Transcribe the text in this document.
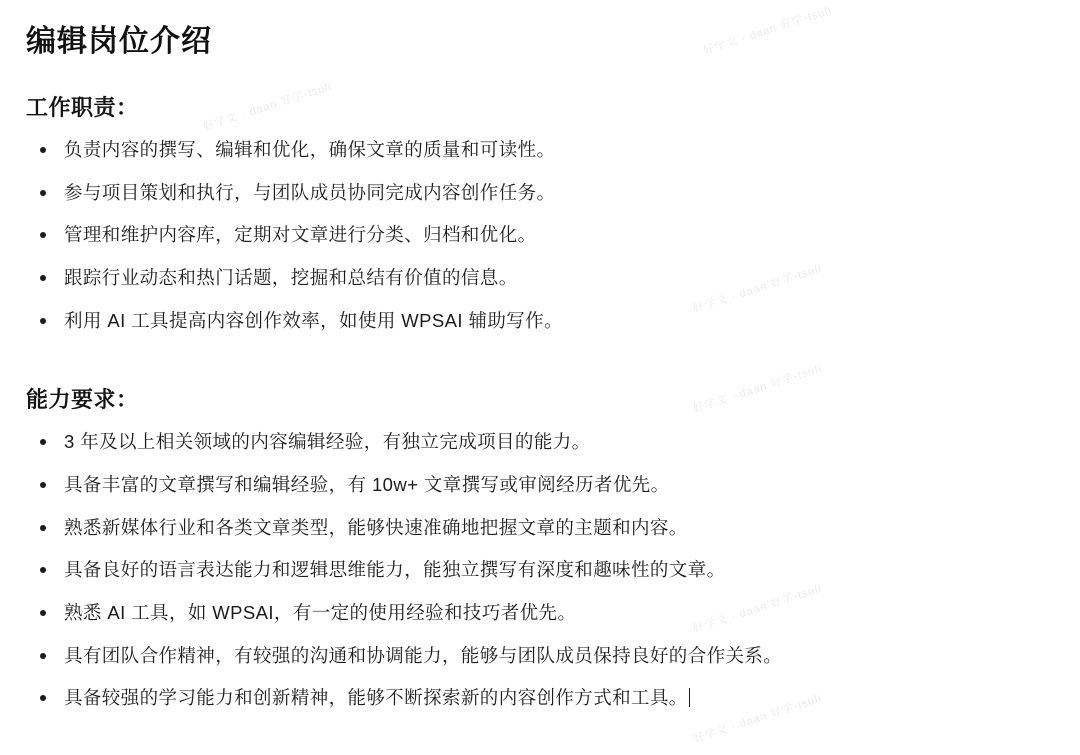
编辑岗位介绍
工作职责：
负责内容的撰写、编辑和优化，确保文章的质量和可读性。
参与项目策划和执行，与团队成员协同完成内容创作任务。
管理和维护内容库，定期对文章进行分类、归档和优化。
跟踪行业动态和热门话题，挖掘和总结有价值的信息。
利用 AI 工具提高内容创作效率，如使用 WPSAI 辅助写作。
能力要求：
3 年及以上相关领域的内容编辑经验，有独立完成项目的能力。
具备丰富的文章撰写和编辑经验，有 10w+ 文章撰写或审阅经历者优先。
熟悉新媒体行业和各类文章类型，能够快速准确地把握文章的主题和内容。
具备良好的语言表达能力和逻辑思维能力，能独立撰写有深度和趣味性的文章。
熟悉 AI 工具，如 WPSAI，有一定的使用经验和技巧者优先。
具有团队合作精神，有较强的沟通和协调能力，能够与团队成员保持良好的合作关系。
具备较强的学习能力和创新精神，能够不断探索新的内容创作方式和工具。
好学文 · daan 好学-tsuli
好学文 · daan 好学-tsuli
好学文 · daan 好学-tsuli
好学文 · daan 好学-tsuli
好学文 · daan 好学-tsuli
好学文 · daan 好学-tsuli
